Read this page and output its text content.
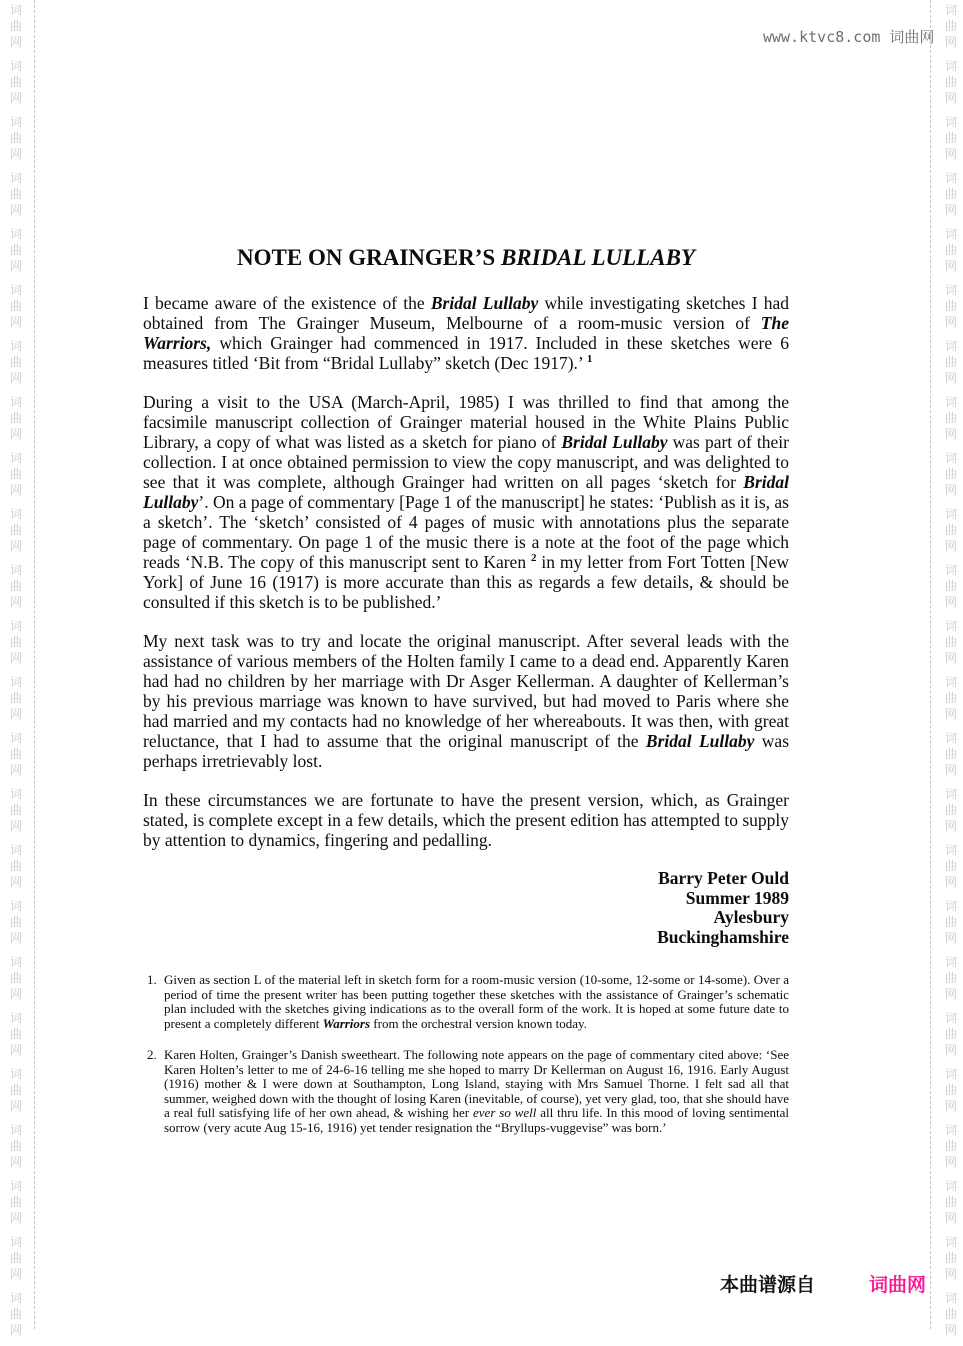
词
曲
网
词
曲
网
词
曲
网
词
曲
网
词
曲
网
词
曲
网
词
曲
网
词
曲
网
词
曲
网
词
曲
网
词
曲
网
词
曲
网
词
曲
网
词
曲
网
词
曲
网
词
曲
网
词
曲
网
词
曲
网
词
曲
网
词
曲
网
词
曲
网
词
曲
网
词
曲
网
词
曲
网
www.ktvc8.com 词曲网
NOTE ON GRAINGER’S BRIDAL LULLABY

I became aware of the existence of the Bridal Lullaby while investigating sketches I had obtained from The Grainger Museum, Melbourne of a room-music version of The Warriors, which Grainger had commenced in 1917. Included in these sketches were 6 measures titled ‘Bit from “Bridal Lullaby” sketch (Dec 1917).’ $^1$

During a visit to the USA (March-April, 1985) I was thrilled to find that among the facsimile manuscript collection of Grainger material housed in the White Plains Public Library, a copy of what was listed as a sketch for piano of Bridal Lullaby was part of their collection. I at once obtained permission to view the copy manuscript, and was delighted to see that it was complete, although Grainger had written on all pages ‘sketch for Bridal Lullaby’. On a page of commentary [Page 1 of the manuscript] he states: ‘Publish as it is, as a sketch’. The ‘sketch’ consisted of 4 pages of music with annotations plus the separate page of commentary. On page 1 of the music there is a note at the foot of the page which reads ‘N.B. The copy of this manuscript sent to Karen $^2$ in my letter from Fort Totten [New York] of June 16 (1917) is more accurate than this as regards a few details, & should be consulted if this sketch is to be published.’

My next task was to try and locate the original manuscript. After several leads with the assistance of various members of the Holten family I came to a dead end. Apparently Karen had had no children by her marriage with Dr Asger Kellerman. A daughter of Kellerman’s by his previous marriage was known to have survived, but had moved to Paris where she had married and my contacts had no knowledge of her whereabouts. It was then, with great reluctance, that I had to assume that the original manuscript of the Bridal Lullaby was perhaps irretrievably lost.

In these circumstances we are fortunate to have the present version, which, as Grainger stated, is complete except in a few details, which the present edition has attempted to supply by attention to dynamics, fingering and pedalling.

Barry Peter Ould
Summer 1989
Aylesbury
Buckinghamshire
1. Given as section L of the material left in sketch form for a room-music version (10-some, 12-some or 14-some). Over a period of time the present writer has been putting together these sketches with the assistance of Grainger’s schematic plan included with the sketches giving indications as to the overall form of the work. It is hoped at some future date to present a completely different Warriors from the orchestral version known today.
2. Karen Holten, Grainger’s Danish sweetheart. The following note appears on the page of commentary cited above: ‘See Karen Holten’s letter to me of 24-6-16 telling me she hoped to marry Dr Kellerman on August 16, 1916. Early August (1916) mother & I were down at Southampton, Long Island, staying with Mrs Samuel Thorne. I felt sad all that summer, weighed down with the thought of losing Karen (inevitable, of course), yet very glad, too, that she should have a real full satisfying life of her own ahead, & wishing her ever so well all thru life. In this mood of loving sentimental sorrow (very acute Aug 15-16, 1916) yet tender resignation the “Bryllups-vuggevise” was born.’
本曲谱源自	词曲网
词
曲
网
词
曲
网
词
曲
网
词
曲
网
词
曲
网
词
曲
网
词
曲
网
词
曲
网
词
曲
网
词
曲
网
词
曲
网
词
曲
网
词
曲
网
词
曲
网
词
曲
网
词
曲
网
词
曲
网
词
曲
网
词
曲
网
词
曲
网
词
曲
网
词
曲
网
词
曲
网
词
曲
网
